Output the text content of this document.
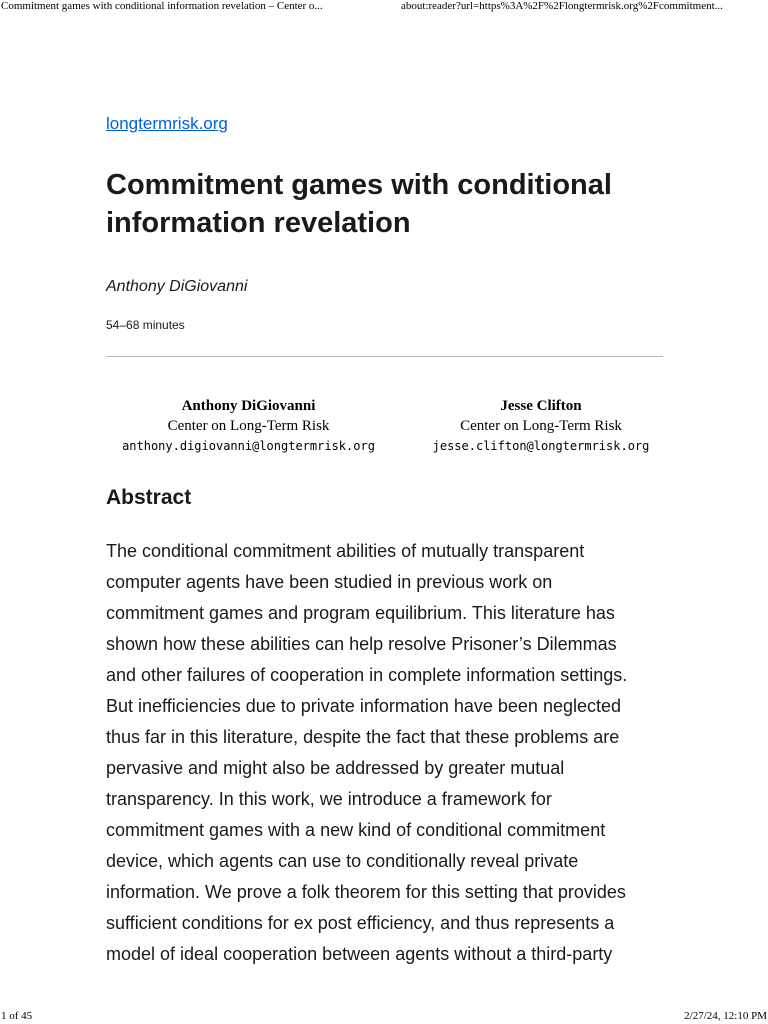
Commitment games with conditional information revelation – Center o...	about:reader?url=https%3A%2F%2Flongtermrisk.org%2Fcommitment...
longtermrisk.org
Commitment games with conditional information revelation
Anthony DiGiovanni
54–68 minutes
Anthony DiGiovanni
Center on Long-Term Risk
anthony.digiovanni@longtermrisk.org
Jesse Clifton
Center on Long-Term Risk
jesse.clifton@longtermrisk.org
Abstract

The conditional commitment abilities of mutually transparent
computer agents have been studied in previous work on
commitment games and program equilibrium. This literature has
shown how these abilities can help resolve Prisoner’s Dilemmas
and other failures of cooperation in complete information settings.
But inefficiencies due to private information have been neglected
thus far in this literature, despite the fact that these problems are
pervasive and might also be addressed by greater mutual
transparency. In this work, we introduce a framework for
commitment games with a new kind of conditional commitment
device, which agents can use to conditionally reveal private
information. We prove a folk theorem for this setting that provides
sufficient conditions for ex post efficiency, and thus represents a
model of ideal cooperation between agents without a third-party

1 of 45	2/27/24, 12:10 PM
